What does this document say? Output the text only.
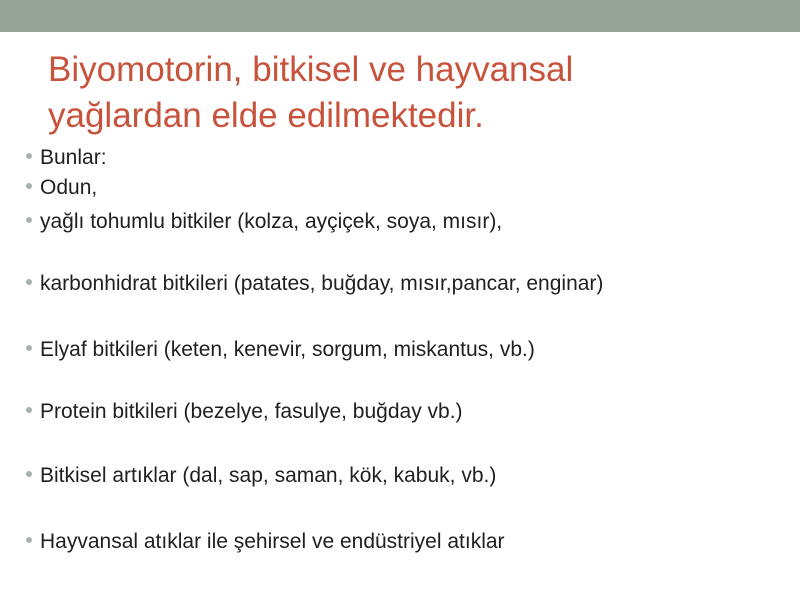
Biyomotorin, bitkisel ve hayvansal
yağlardan elde edilmektedir.
Bunlar:
Odun,
yağlı tohumlu bitkiler (kolza, ayçiçek, soya, mısır),
karbonhidrat bitkileri (patates, buğday, mısır,pancar, enginar)
Elyaf bitkileri (keten, kenevir, sorgum, miskantus, vb.)
Protein bitkileri (bezelye, fasulye, buğday vb.)
Bitkisel artıklar (dal, sap, saman, kök, kabuk, vb.)
Hayvansal atıklar ile şehirsel ve endüstriyel atıklar
